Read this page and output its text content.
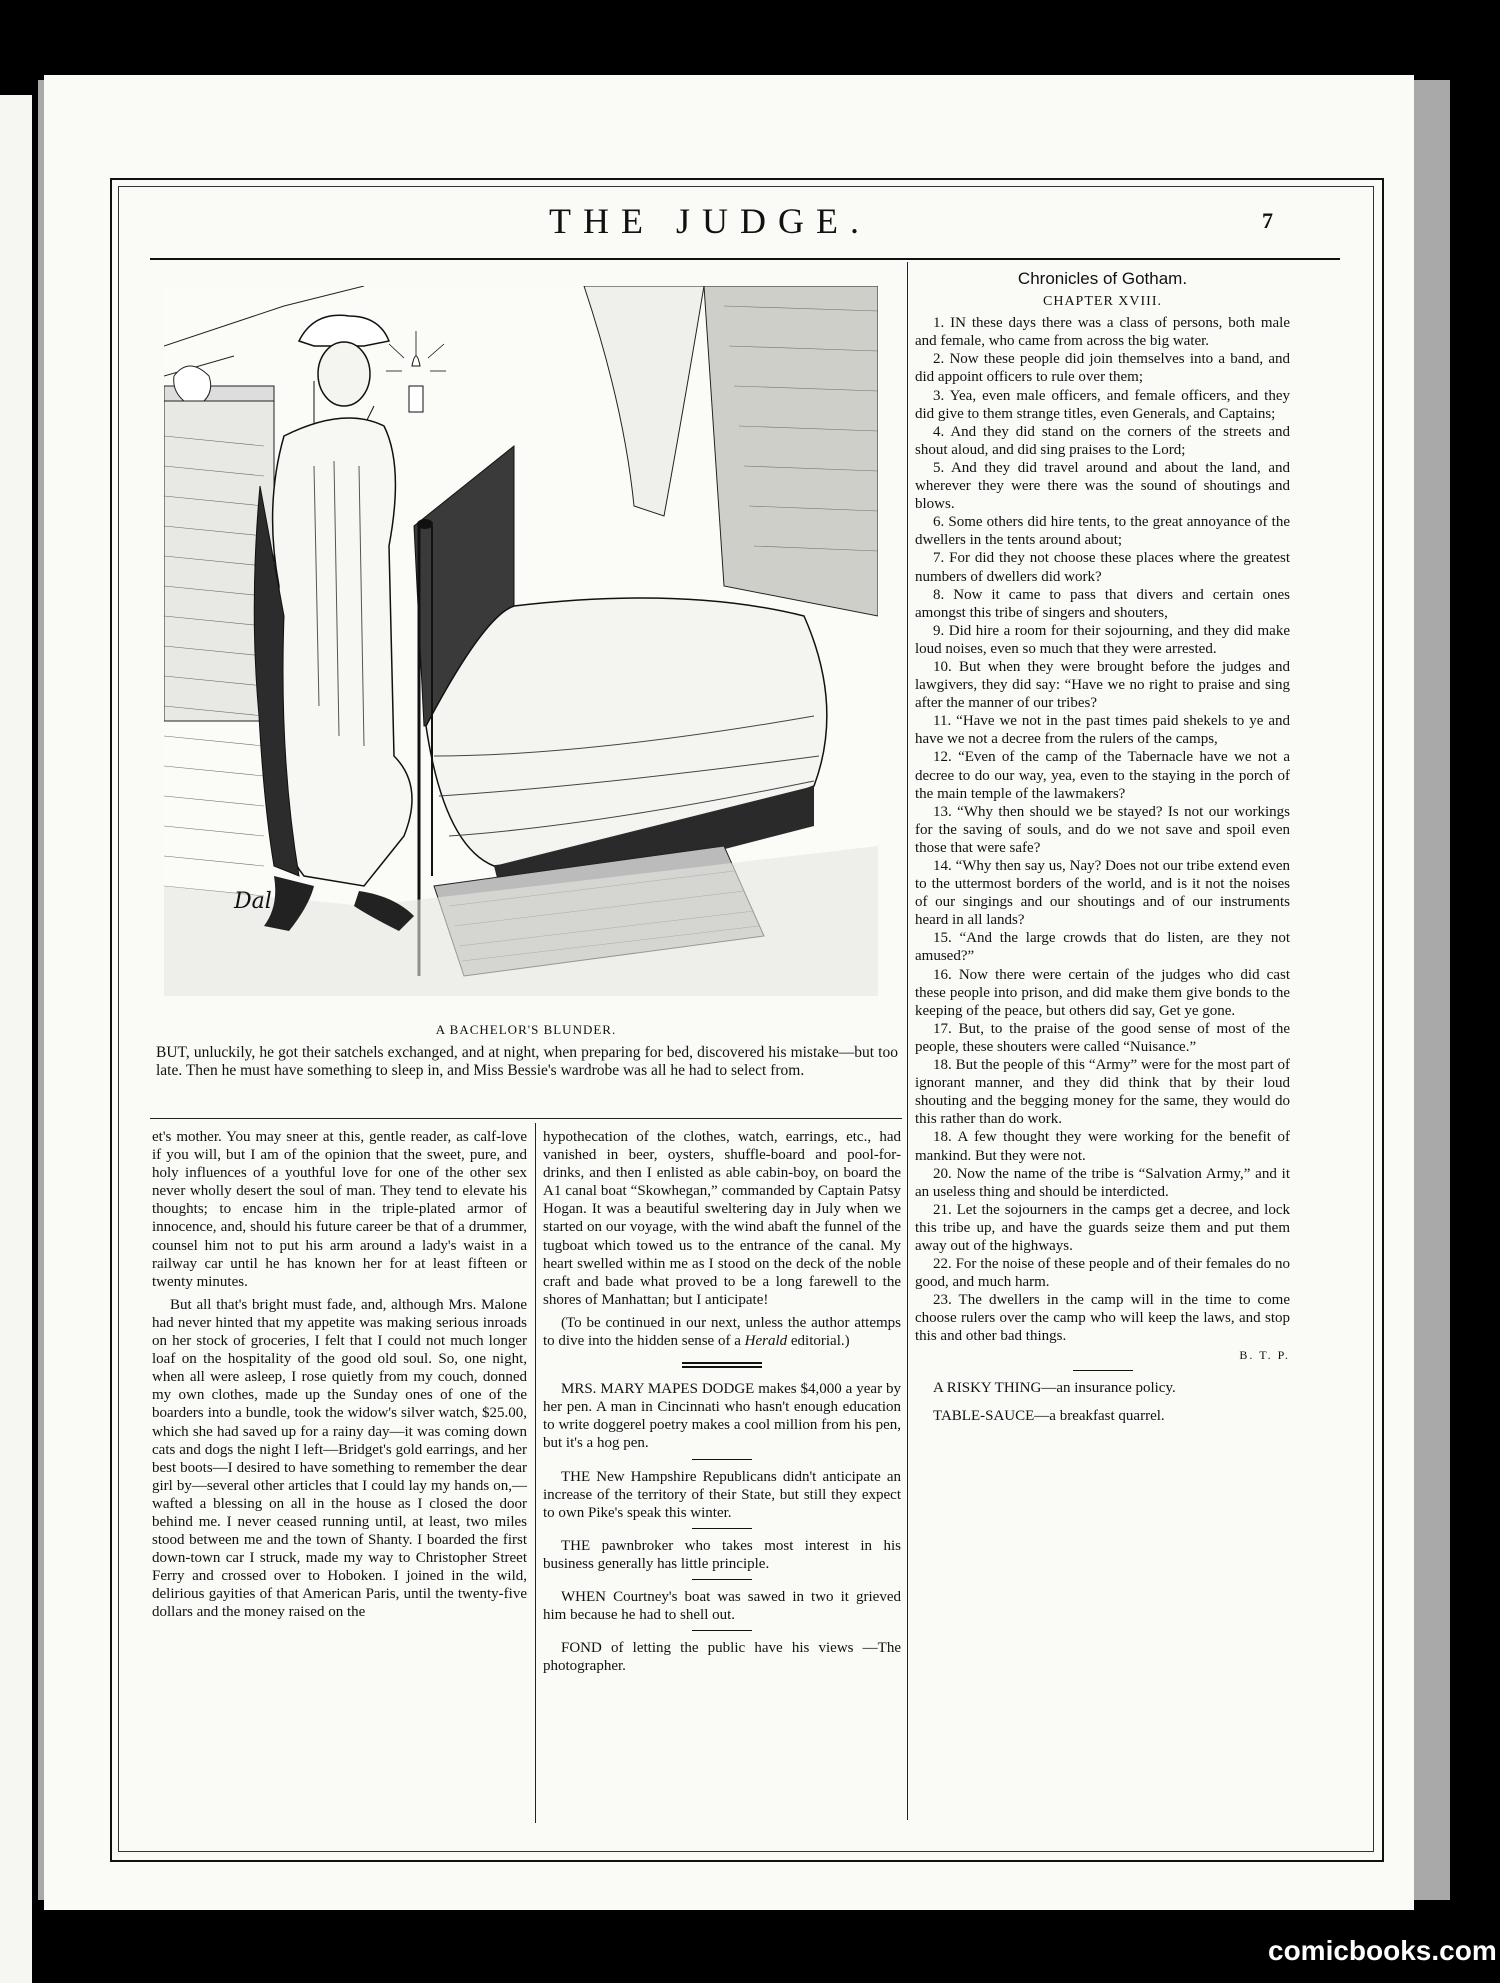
THE JUDGE.	7
Dal
A BACHELOR'S BLUNDER.
BUT, unluckily, he got their satchels exchanged, and at night, when preparing for bed, discovered his mistake—but too late. Then he must have something to sleep in, and Miss Bessie's wardrobe was all he had to select from.

et's mother. You may sneer at this, gentle reader, as calf-love if you will, but I am of the opinion that the sweet, pure, and holy influences of a youthful love for one of the other sex never wholly desert the soul of man. They tend to elevate his thoughts; to encase him in the triple-plated armor of innocence, and, should his future career be that of a drummer, counsel him not to put his arm around a lady's waist in a railway car until he has known her for at least fifteen or twenty minutes.

But all that's bright must fade, and, although Mrs. Malone had never hinted that my appetite was making serious inroads on her stock of groceries, I felt that I could not much longer loaf on the hospitality of the good old soul. So, one night, when all were asleep, I rose quietly from my couch, donned my own clothes, made up the Sunday ones of one of the boarders into a bundle, took the widow's silver watch, $25.00, which she had saved up for a rainy day—it was coming down cats and dogs the night I left—Bridget's gold earrings, and her best boots—I desired to have something to remember the dear girl by—several other articles that I could lay my hands on,—wafted a blessing on all in the house as I closed the door behind me. I never ceased running until, at least, two miles stood between me and the town of Shanty. I boarded the first down-town car I struck, made my way to Christopher Street Ferry and crossed over to Hoboken. I joined in the wild, delirious gayities of that American Paris, until the twenty-five dollars and the money raised on the

hypothecation of the clothes, watch, earrings, etc., had vanished in beer, oysters, shuffle-board and pool-for-drinks, and then I enlisted as able cabin-boy, on board the A1 canal boat “Skowhegan,” commanded by Captain Patsy Hogan. It was a beautiful sweltering day in July when we started on our voyage, with the wind abaft the funnel of the tugboat which towed us to the entrance of the canal. My heart swelled within me as I stood on the deck of the noble craft and bade what proved to be a long farewell to the shores of Manhattan; but I anticipate!

(To be continued in our next, unless the author attemps to dive into the hidden sense of a Herald editorial.)

MRS. MARY MAPES DODGE makes $4,000 a year by her pen. A man in Cincinnati who hasn't enough education to write doggerel poetry makes a cool million from his pen, but it's a hog pen.

THE New Hampshire Republicans didn't anticipate an increase of the territory of their State, but still they expect to own Pike's speak this winter.

THE pawnbroker who takes most interest in his business generally has little principle.

WHEN Courtney's boat was sawed in two it grieved him because he had to shell out.

FOND of letting the public have his views —The photographer.

Chronicles of Gotham.
CHAPTER XVIII.

1. IN these days there was a class of persons, both male and female, who came from across the big water.

2. Now these people did join themselves into a band, and did appoint officers to rule over them;

3. Yea, even male officers, and female officers, and they did give to them strange titles, even Generals, and Captains;

4. And they did stand on the corners of the streets and shout aloud, and did sing praises to the Lord;

5. And they did travel around and about the land, and wherever they were there was the sound of shoutings and blows.

6. Some others did hire tents, to the great annoyance of the dwellers in the tents around about;

7. For did they not choose these places where the greatest numbers of dwellers did work?

8. Now it came to pass that divers and certain ones amongst this tribe of singers and shouters,

9. Did hire a room for their sojourning, and they did make loud noises, even so much that they were arrested.

10. But when they were brought before the judges and lawgivers, they did say: “Have we no right to praise and sing after the manner of our tribes?

11. “Have we not in the past times paid shekels to ye and have we not a decree from the rulers of the camps,

12. “Even of the camp of the Tabernacle have we not a decree to do our way, yea, even to the staying in the porch of the main temple of the lawmakers?

13. “Why then should we be stayed? Is not our workings for the saving of souls, and do we not save and spoil even those that were safe?

14. “Why then say us, Nay? Does not our tribe extend even to the uttermost borders of the world, and is it not the noises of our singings and our shoutings and of our instruments heard in all lands?

15. “And the large crowds that do listen, are they not amused?”

16. Now there were certain of the judges who did cast these people into prison, and did make them give bonds to the keeping of the peace, but others did say, Get ye gone.

17. But, to the praise of the good sense of most of the people, these shouters were called “Nuisance.”

18. But the people of this “Army” were for the most part of ignorant manner, and they did think that by their loud shouting and the begging money for the same, they would do this rather than do work.

18. A few thought they were working for the benefit of mankind. But they were not.

20. Now the name of the tribe is “Salvation Army,” and it an useless thing and should be interdicted.

21. Let the sojourners in the camps get a decree, and lock this tribe up, and have the guards seize them and put them away out of the highways.

22. For the noise of these people and of their females do no good, and much harm.

23. The dwellers in the camp will in the time to come choose rulers over the camp who will keep the laws, and stop this and other bad things.

B. T. P.

A RISKY THING—an insurance policy.

TABLE-SAUCE—a breakfast quarrel.

comicbooks.com
